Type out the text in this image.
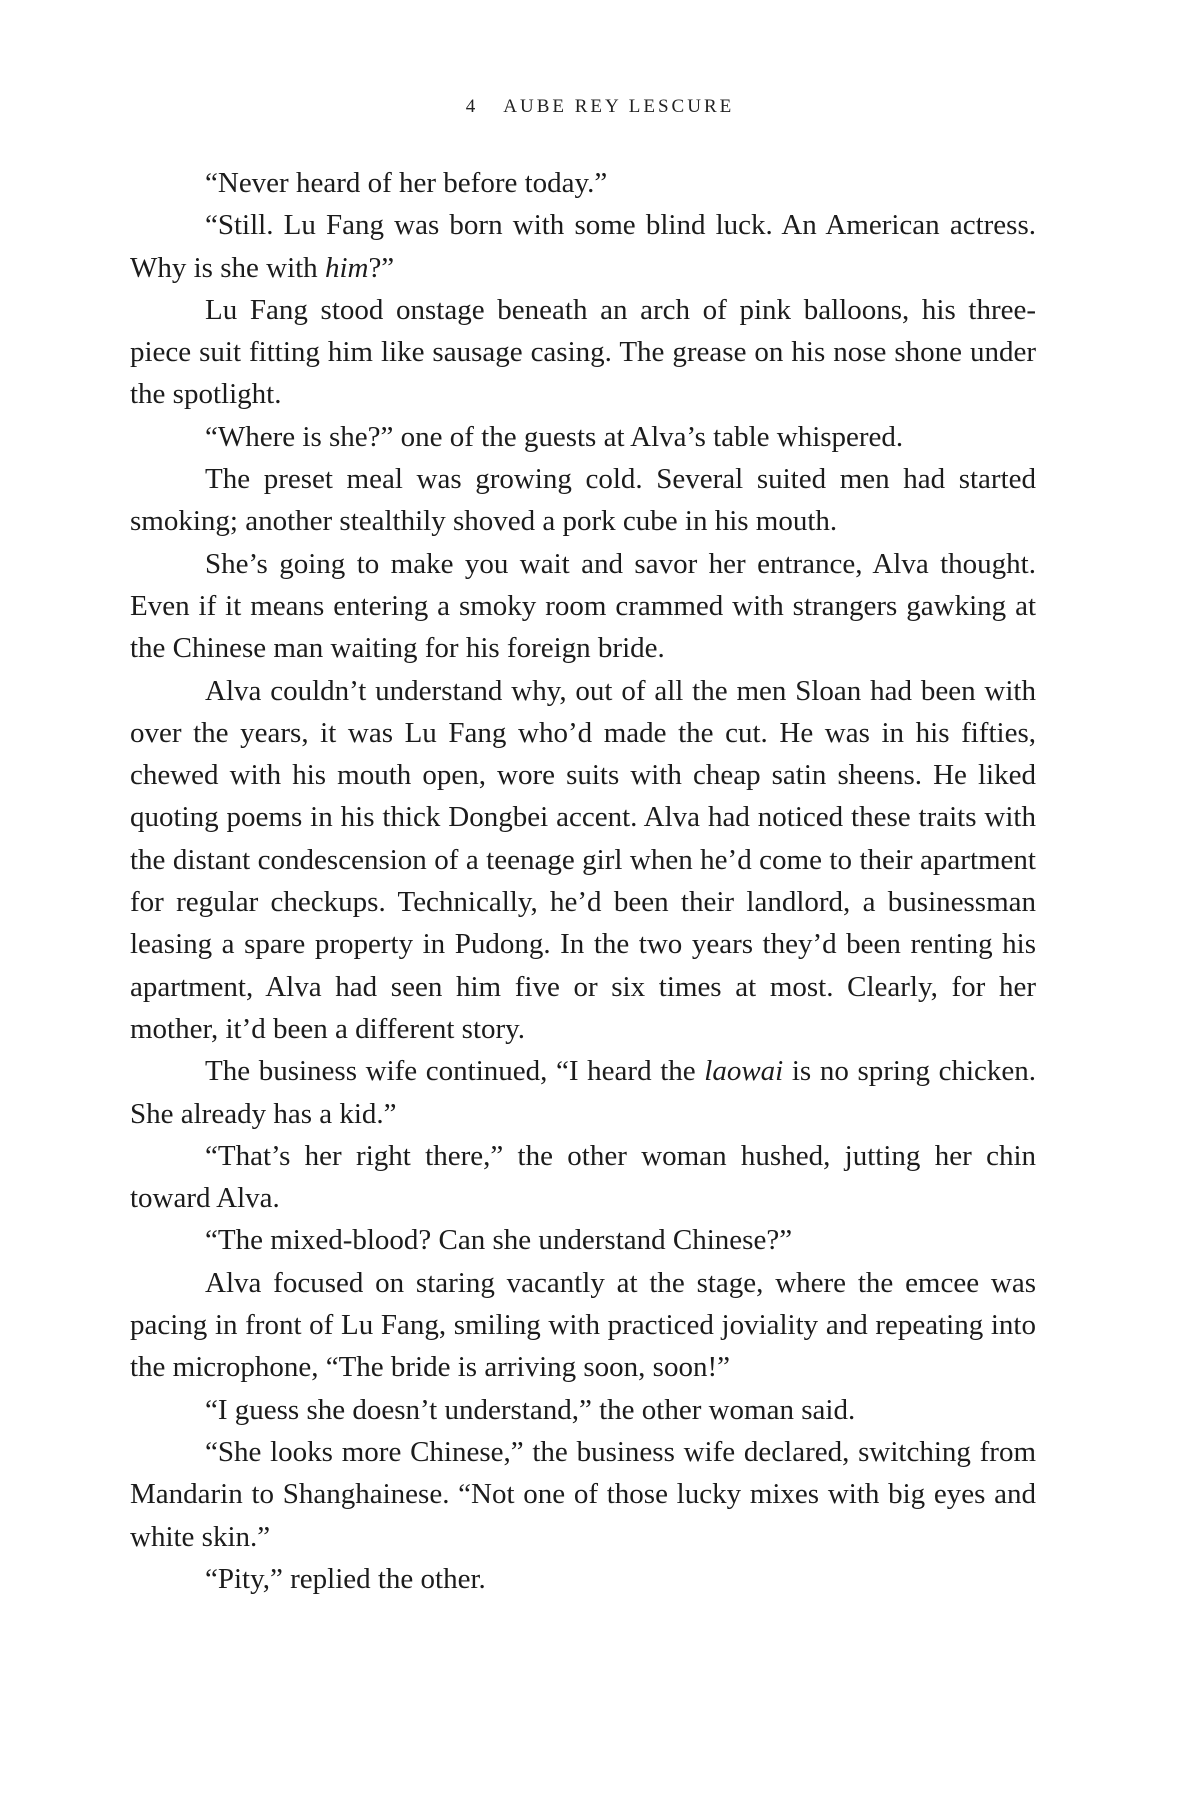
4 AUBE REY LESCURE

“Never heard of her before today.”

“Still. Lu Fang was born with some blind luck. An American actress. Why is she with him?”

Lu Fang stood onstage beneath an arch of pink balloons, his three-piece suit fitting him like sausage casing. The grease on his nose shone under the spotlight.

“Where is she?” one of the guests at Alva’s table whispered.

The preset meal was growing cold. Several suited men had started smoking; another stealthily shoved a pork cube in his mouth.

She’s going to make you wait and savor her entrance, Alva thought. Even if it means entering a smoky room crammed with strangers gawking at the Chinese man waiting for his foreign bride.

Alva couldn’t understand why, out of all the men Sloan had been with over the years, it was Lu Fang who’d made the cut. He was in his fifties, chewed with his mouth open, wore suits with cheap satin sheens. He liked quoting poems in his thick Dongbei accent. Alva had noticed these traits with the distant condescension of a teenage girl when he’d come to their apartment for regular checkups. Technically, he’d been their landlord, a businessman leasing a spare property in Pudong. In the two years they’d been renting his apartment, Alva had seen him five or six times at most. Clearly, for her mother, it’d been a different story.

The business wife continued, “I heard the laowai is no spring chicken. She already has a kid.”

“That’s her right there,” the other woman hushed, jutting her chin toward Alva.

“The mixed-blood? Can she understand Chinese?”

Alva focused on staring vacantly at the stage, where the emcee was pacing in front of Lu Fang, smiling with practiced joviality and repeating into the microphone, “The bride is arriving soon, soon!”

“I guess she doesn’t understand,” the other woman said.

“She looks more Chinese,” the business wife declared, switching from Mandarin to Shanghainese. “Not one of those lucky mixes with big eyes and white skin.”

“Pity,” replied the other.
